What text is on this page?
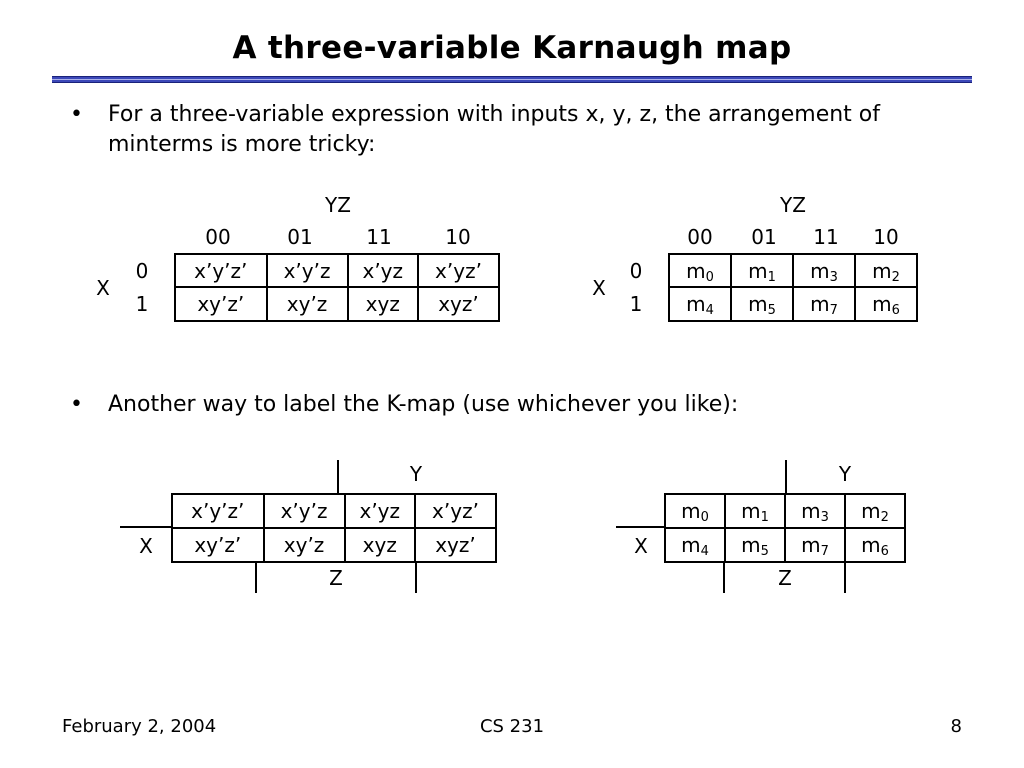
A three-variable Karnaugh map
• For a three-variable expression with inputs x, y, z, the arrangement of minterms is more tricky:
YZ
00	01	11	10
X
0
1
x’y’z’	x’y’z	x’yz	x’yz’
xy’z’	xy’z	xyz	xyz’
YZ
00	01	11	10
X
0
1
$m_0$	$m_1$	$m_3$	$m_2$
$m_4$	$m_5$	$m_7$	$m_6$
• Another way to label the K-map (use whichever you like):
Y
X
x’y’z’	x’y’z	x’yz	x’yz’
xy’z’	xy’z	xyz	xyz’
Z
Y
X
$m_0$	$m_1$	$m_3$	$m_2$
$m_4$	$m_5$	$m_7$	$m_6$
Z
February 2, 2004	CS 231	8
